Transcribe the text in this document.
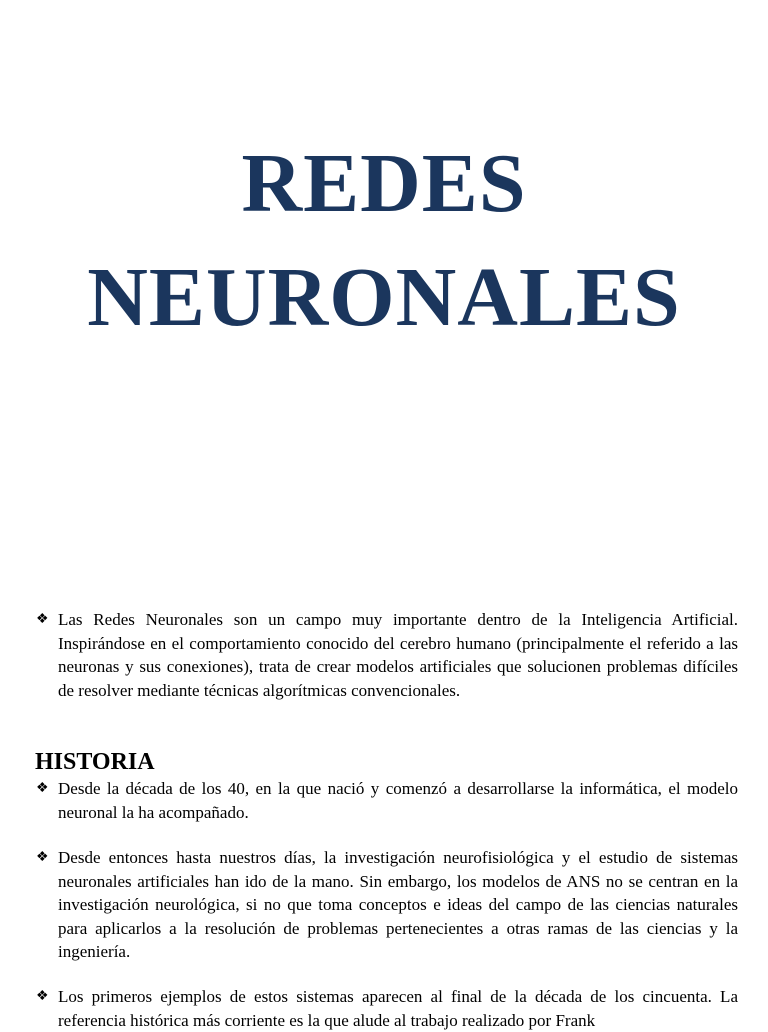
REDES
NEURONALES
❖ Las Redes Neuronales son un campo muy importante dentro de la Inteligencia Artificial. Inspirándose en el comportamiento conocido del cerebro humano (principalmente el referido a las neuronas y sus conexiones), trata de crear modelos artificiales que solucionen problemas difíciles de resolver mediante técnicas algorítmicas convencionales.
HISTORIA
❖ Desde la década de los 40, en la que nació y comenzó a desarrollarse la informática, el modelo neuronal la ha acompañado.
❖ Desde entonces hasta nuestros días, la investigación neurofisiológica y el estudio de sistemas neuronales artificiales han ido de la mano. Sin embargo, los modelos de ANS no se centran en la investigación neurológica, si no que toma conceptos e ideas del campo de las ciencias naturales para aplicarlos a la resolución de problemas pertenecientes a otras ramas de las ciencias y la ingeniería.
❖ Los primeros ejemplos de estos sistemas aparecen al final de la década de los cincuenta. La referencia histórica más corriente es la que alude al trabajo realizado por Frank
